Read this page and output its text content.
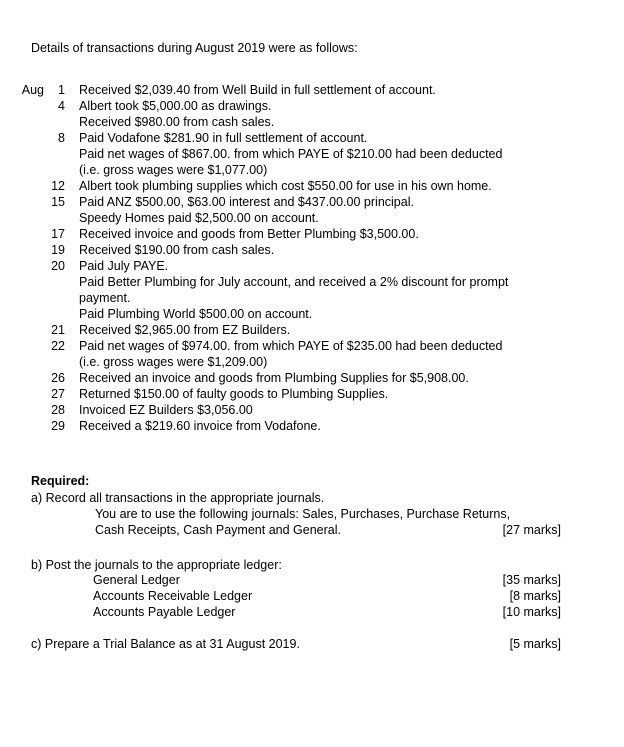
Details of transactions during August 2019 were as follows:
Aug	1	Received $2,039.40 from Well Build in full settlement of account.
4	Albert took $5,000.00 as drawings.
Received $980.00 from cash sales.
8	Paid Vodafone $281.90 in full settlement of account.
Paid net wages of $867.00. from which PAYE of $210.00 had been deducted
(i.e. gross wages were $1,077.00)
12	Albert took plumbing supplies which cost $550.00 for use in his own home.
15	Paid ANZ $500.00, $63.00 interest and $437.00.00 principal.
Speedy Homes paid $2,500.00 on account.
17	Received invoice and goods from Better Plumbing $3,500.00.
19	Received $190.00 from cash sales.
20	Paid July PAYE.
Paid Better Plumbing for July account, and received a 2% discount for prompt
payment.
Paid Plumbing World $500.00 on account.
21	Received $2,965.00 from EZ Builders.
22	Paid net wages of $974.00. from which PAYE of $235.00 had been deducted
(i.e. gross wages were $1,209.00)
26	Received an invoice and goods from Plumbing Supplies for $5,908.00.
27	Returned $150.00 of faulty goods to Plumbing Supplies.
28	Invoiced EZ Builders $3,056.00
29	Received a $219.60 invoice from Vodafone.
Required:
a) Record all transactions in the appropriate journals.
You are to use the following journals: Sales, Purchases, Purchase Returns,
Cash Receipts, Cash Payment and General.	[27 marks]
b) Post the journals to the appropriate ledger:
General Ledger	[35 marks]
Accounts Receivable Ledger	[8 marks]
Accounts Payable Ledger	[10 marks]
c) Prepare a Trial Balance as at 31 August 2019.	[5 marks]
